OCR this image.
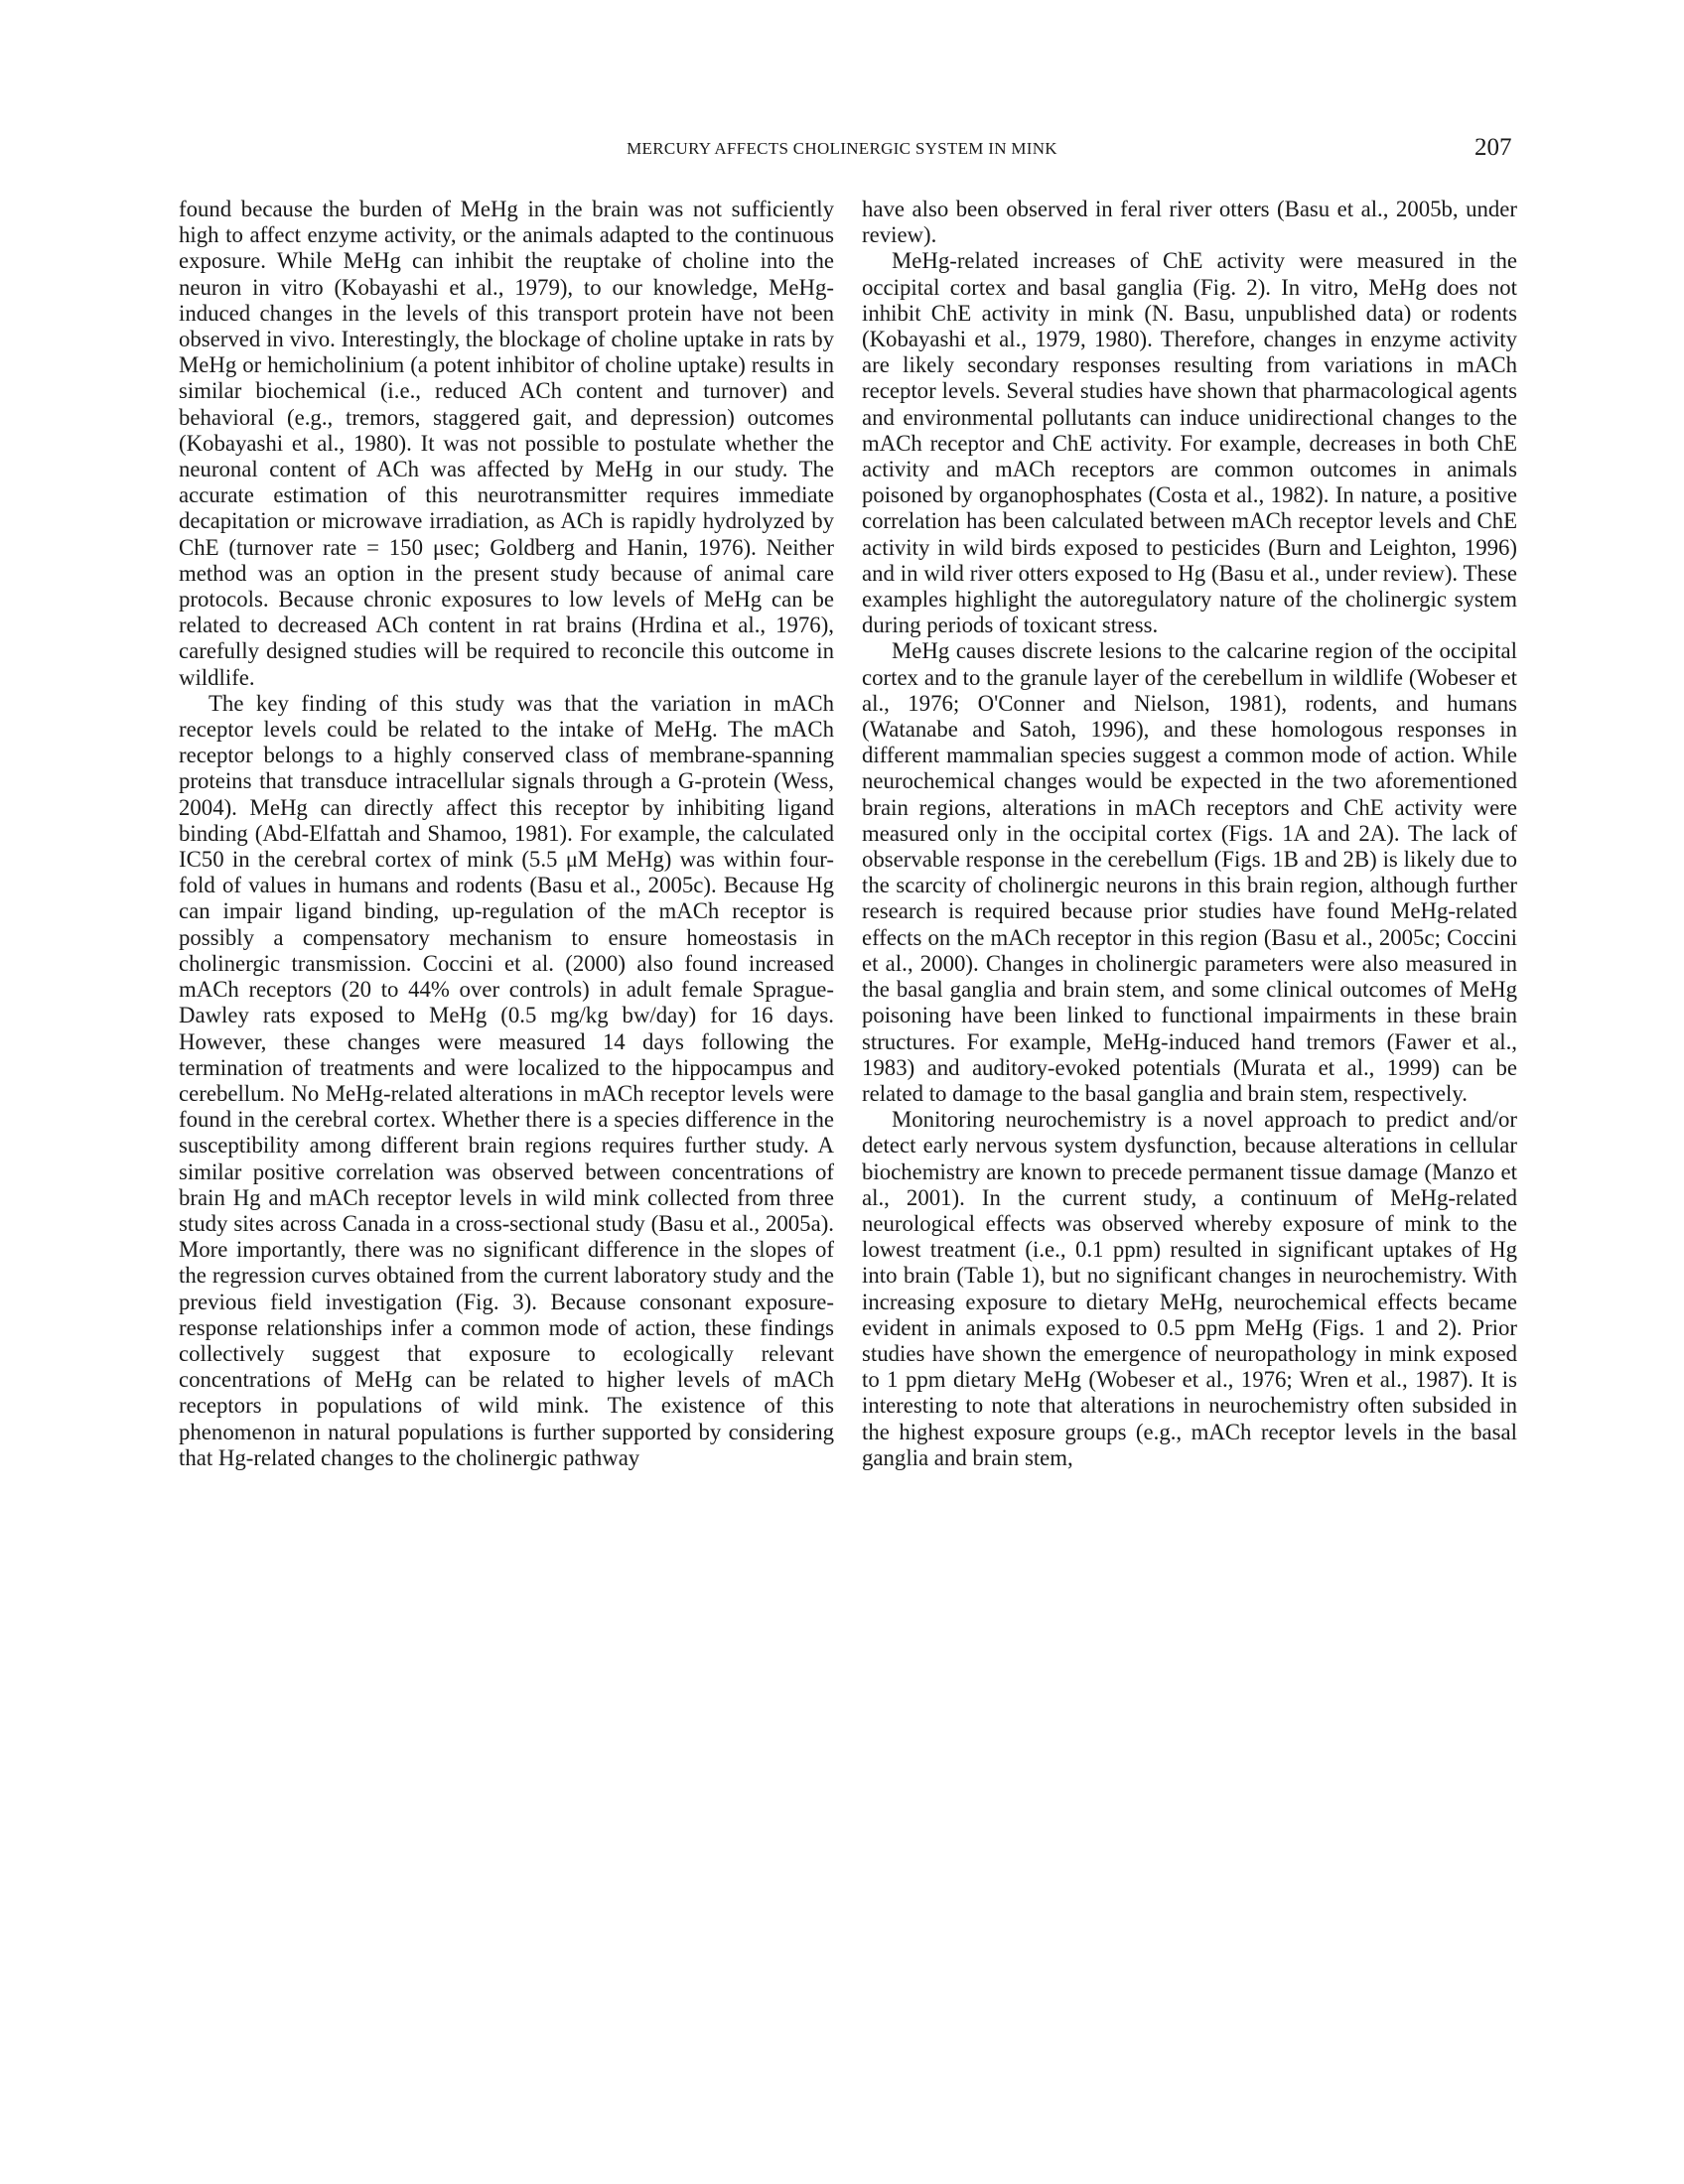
MERCURY AFFECTS CHOLINERGIC SYSTEM IN MINK	207

found because the burden of MeHg in the brain was not sufficiently high to affect enzyme activity, or the animals adapted to the continuous exposure. While MeHg can inhibit the reuptake of choline into the neuron in vitro (Kobayashi et al., 1979), to our knowledge, MeHg-induced changes in the levels of this transport protein have not been observed in vivo. Interestingly, the blockage of choline uptake in rats by MeHg or hemicholinium (a potent inhibitor of choline uptake) results in similar biochemical (i.e., reduced ACh content and turnover) and behavioral (e.g., tremors, staggered gait, and depression) outcomes (Kobayashi et al., 1980). It was not possible to postulate whether the neuronal content of ACh was affected by MeHg in our study. The accurate estimation of this neurotransmitter requires immediate decapitation or microwave irradiation, as ACh is rapidly hydrolyzed by ChE (turnover rate = 150 μsec; Goldberg and Hanin, 1976). Neither method was an option in the present study because of animal care protocols. Because chronic exposures to low levels of MeHg can be related to decreased ACh content in rat brains (Hrdina et al., 1976), carefully designed studies will be required to reconcile this outcome in wildlife.

The key finding of this study was that the variation in mACh receptor levels could be related to the intake of MeHg. The mACh receptor belongs to a highly conserved class of membrane-spanning proteins that transduce intracellular signals through a G-protein (Wess, 2004). MeHg can directly affect this receptor by inhibiting ligand binding (Abd-Elfattah and Shamoo, 1981). For example, the calculated IC50 in the cerebral cortex of mink (5.5 μM MeHg) was within four-fold of values in humans and rodents (Basu et al., 2005c). Because Hg can impair ligand binding, up-regulation of the mACh receptor is possibly a compensatory mechanism to ensure homeostasis in cholinergic transmission. Coccini et al. (2000) also found increased mACh receptors (20 to 44% over controls) in adult female Sprague-Dawley rats exposed to MeHg (0.5 mg/kg bw/day) for 16 days. However, these changes were measured 14 days following the termination of treatments and were localized to the hippocampus and cerebellum. No MeHg-related alterations in mACh receptor levels were found in the cerebral cortex. Whether there is a species difference in the susceptibility among different brain regions requires further study. A similar positive correlation was observed between concentrations of brain Hg and mACh receptor levels in wild mink collected from three study sites across Canada in a cross-sectional study (Basu et al., 2005a). More importantly, there was no significant difference in the slopes of the regression curves obtained from the current laboratory study and the previous field investigation (Fig. 3). Because consonant exposure-response relationships infer a common mode of action, these findings collectively suggest that exposure to ecologically relevant concentrations of MeHg can be related to higher levels of mACh receptors in populations of wild mink. The existence of this phenomenon in natural populations is further supported by considering that Hg-related changes to the cholinergic pathway

have also been observed in feral river otters (Basu et al., 2005b, under review).

MeHg-related increases of ChE activity were measured in the occipital cortex and basal ganglia (Fig. 2). In vitro, MeHg does not inhibit ChE activity in mink (N. Basu, unpublished data) or rodents (Kobayashi et al., 1979, 1980). Therefore, changes in enzyme activity are likely secondary responses resulting from variations in mACh receptor levels. Several studies have shown that pharmacological agents and environmental pollutants can induce unidirectional changes to the mACh receptor and ChE activity. For example, decreases in both ChE activity and mACh receptors are common outcomes in animals poisoned by organophosphates (Costa et al., 1982). In nature, a positive correlation has been calculated between mACh receptor levels and ChE activity in wild birds exposed to pesticides (Burn and Leighton, 1996) and in wild river otters exposed to Hg (Basu et al., under review). These examples highlight the autoregulatory nature of the cholinergic system during periods of toxicant stress.

MeHg causes discrete lesions to the calcarine region of the occipital cortex and to the granule layer of the cerebellum in wildlife (Wobeser et al., 1976; O'Conner and Nielson, 1981), rodents, and humans (Watanabe and Satoh, 1996), and these homologous responses in different mammalian species suggest a common mode of action. While neurochemical changes would be expected in the two aforementioned brain regions, alterations in mACh receptors and ChE activity were measured only in the occipital cortex (Figs. 1A and 2A). The lack of observable response in the cerebellum (Figs. 1B and 2B) is likely due to the scarcity of cholinergic neurons in this brain region, although further research is required because prior studies have found MeHg-related effects on the mACh receptor in this region (Basu et al., 2005c; Coccini et al., 2000). Changes in cholinergic parameters were also measured in the basal ganglia and brain stem, and some clinical outcomes of MeHg poisoning have been linked to functional impairments in these brain structures. For example, MeHg-induced hand tremors (Fawer et al., 1983) and auditory-evoked potentials (Murata et al., 1999) can be related to damage to the basal ganglia and brain stem, respectively.

Monitoring neurochemistry is a novel approach to predict and/or detect early nervous system dysfunction, because alterations in cellular biochemistry are known to precede permanent tissue damage (Manzo et al., 2001). In the current study, a continuum of MeHg-related neurological effects was observed whereby exposure of mink to the lowest treatment (i.e., 0.1 ppm) resulted in significant uptakes of Hg into brain (Table 1), but no significant changes in neurochemistry. With increasing exposure to dietary MeHg, neurochemical effects became evident in animals exposed to 0.5 ppm MeHg (Figs. 1 and 2). Prior studies have shown the emergence of neuropathology in mink exposed to 1 ppm dietary MeHg (Wobeser et al., 1976; Wren et al., 1987). It is interesting to note that alterations in neurochemistry often subsided in the highest exposure groups (e.g., mACh receptor levels in the basal ganglia and brain stem,
